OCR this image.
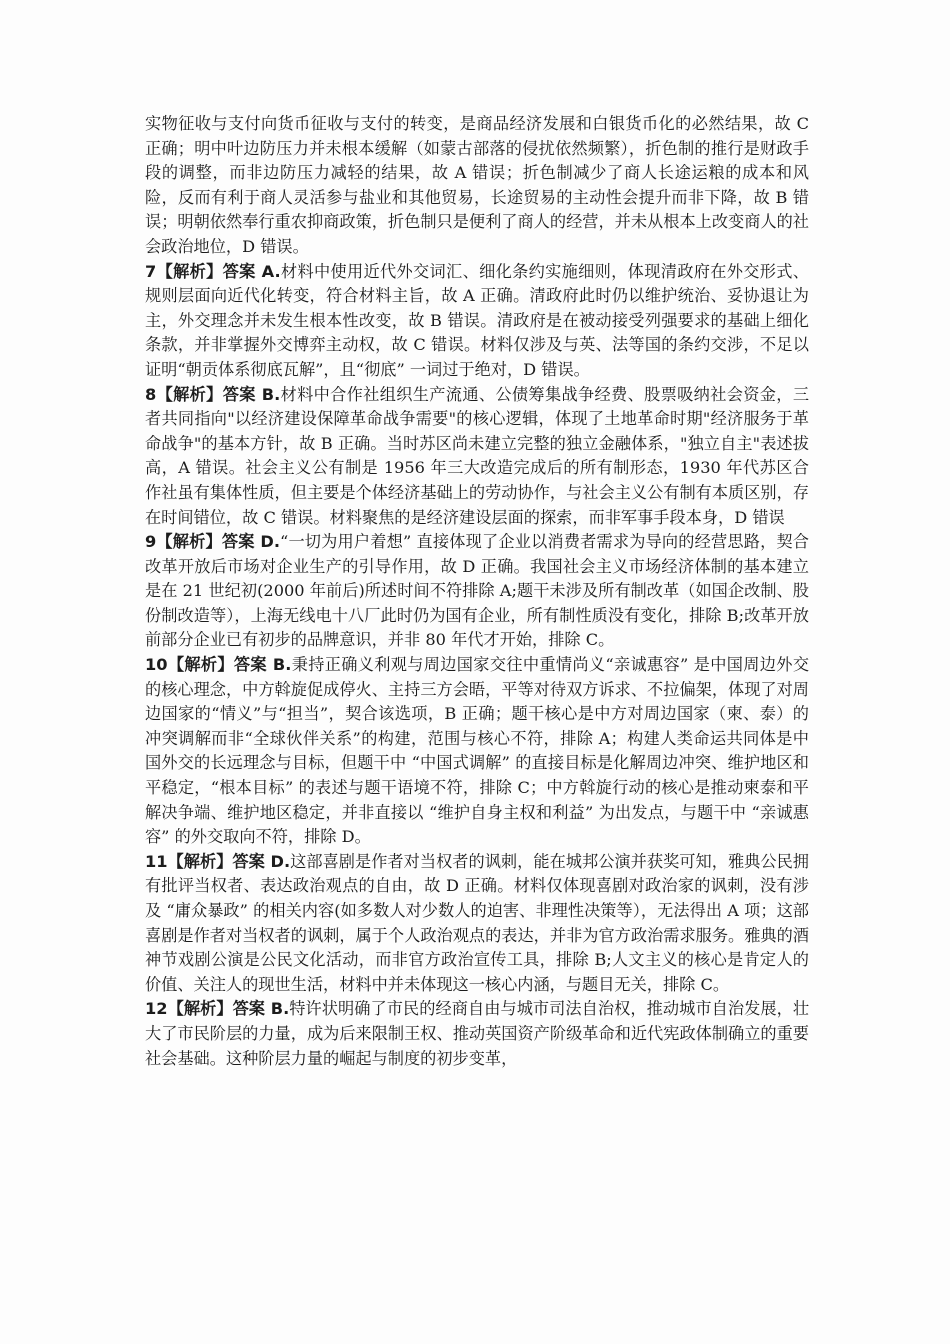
实物征收与支付向货币征收与支付的转变，是商品经济发展和白银货币化的必然结果，故 C 正确；明中叶边防压力并未根本缓解（如蒙古部落的侵扰依然频繁），折色制的推行是财政手段的调整，而非边防压力减轻的结果，故 A 错误；折色制减少了商人长途运粮的成本和风险，反而有利于商人灵活参与盐业和其他贸易，长途贸易的主动性会提升而非下降，故 B 错误；明朝依然奉行重农抑商政策，折色制只是便利了商人的经营，并未从根本上改变商人的社会政治地位，D 错误。

7【解析】答案 A.材料中使用近代外交词汇、细化条约实施细则，体现清政府在外交形式、规则层面向近代化转变，符合材料主旨，故 A 正确。清政府此时仍以维护统治、妥协退让为主，外交理念并未发生根本性改变，故 B 错误。清政府是在被动接受列强要求的基础上细化条款，并非掌握外交博弈主动权，故 C 错误。材料仅涉及与英、法等国的条约交涉，不足以证明“朝贡体系彻底瓦解”，且“彻底” 一词过于绝对，D 错误。

8【解析】答案 B.材料中合作社组织生产流通、公债筹集战争经费、股票吸纳社会资金，三者共同指向"以经济建设保障革命战争需要"的核心逻辑，体现了土地革命时期"经济服务于革命战争"的基本方针，故 B 正确。当时苏区尚未建立完整的独立金融体系，"独立自主"表述拔高，A 错误。社会主义公有制是 1956 年三大改造完成后的所有制形态，1930 年代苏区合作社虽有集体性质，但主要是个体经济基础上的劳动协作，与社会主义公有制有本质区别，存在时间错位，故 C 错误。材料聚焦的是经济建设层面的探索，而非军事手段本身，D 错误

9【解析】答案 D.“一切为用户着想” 直接体现了企业以消费者需求为导向的经营思路，契合改革开放后市场对企业生产的引导作用，故 D 正确。我国社会主义市场经济体制的基本建立是在 21 世纪初(2000 年前后)所述时间不符排除 A;题干未涉及所有制改革（如国企改制、股份制改造等），上海无线电十八厂此时仍为国有企业，所有制性质没有变化，排除 B;改革开放前部分企业已有初步的品牌意识，并非 80 年代才开始，排除 C。

10【解析】答案 B.秉持正确义利观与周边国家交往中重情尚义“亲诚惠容” 是中国周边外交的核心理念，中方斡旋促成停火、主持三方会晤，平等对待双方诉求、不拉偏架，体现了对周边国家的“情义”与“担当”，契合该选项，B 正确；题干核心是中方对周边国家（柬、泰）的冲突调解而非“全球伙伴关系”的构建，范围与核心不符，排除 A；构建人类命运共同体是中国外交的长远理念与目标，但题干中 “中国式调解” 的直接目标是化解周边冲突、维护地区和平稳定，“根本目标” 的表述与题干语境不符，排除 C；中方斡旋行动的核心是推动柬泰和平解决争端、维护地区稳定，并非直接以 “维护自身主权和利益” 为出发点，与题干中 “亲诚惠容” 的外交取向不符，排除 D。

11【解析】答案 D.这部喜剧是作者对当权者的讽刺，能在城邦公演并获奖可知，雅典公民拥有批评当权者、表达政治观点的自由，故 D 正确。材料仅体现喜剧对政治家的讽刺，没有涉及 “庸众暴政” 的相关内容(如多数人对少数人的迫害、非理性决策等），无法得出 A 项；这部喜剧是作者对当权者的讽刺，属于个人政治观点的表达，并非为官方政治需求服务。雅典的酒神节戏剧公演是公民文化活动，而非官方政治宣传工具，排除 B;人文主义的核心是肯定人的价值、关注人的现世生活，材料中并未体现这一核心内涵，与题目无关，排除 C。

12【解析】答案 B.特许状明确了市民的经商自由与城市司法自治权，推动城市自治发展，壮大了市民阶层的力量，成为后来限制王权、推动英国资产阶级革命和近代宪政体制确立的重要社会基础。这种阶层力量的崛起与制度的初步变革，
